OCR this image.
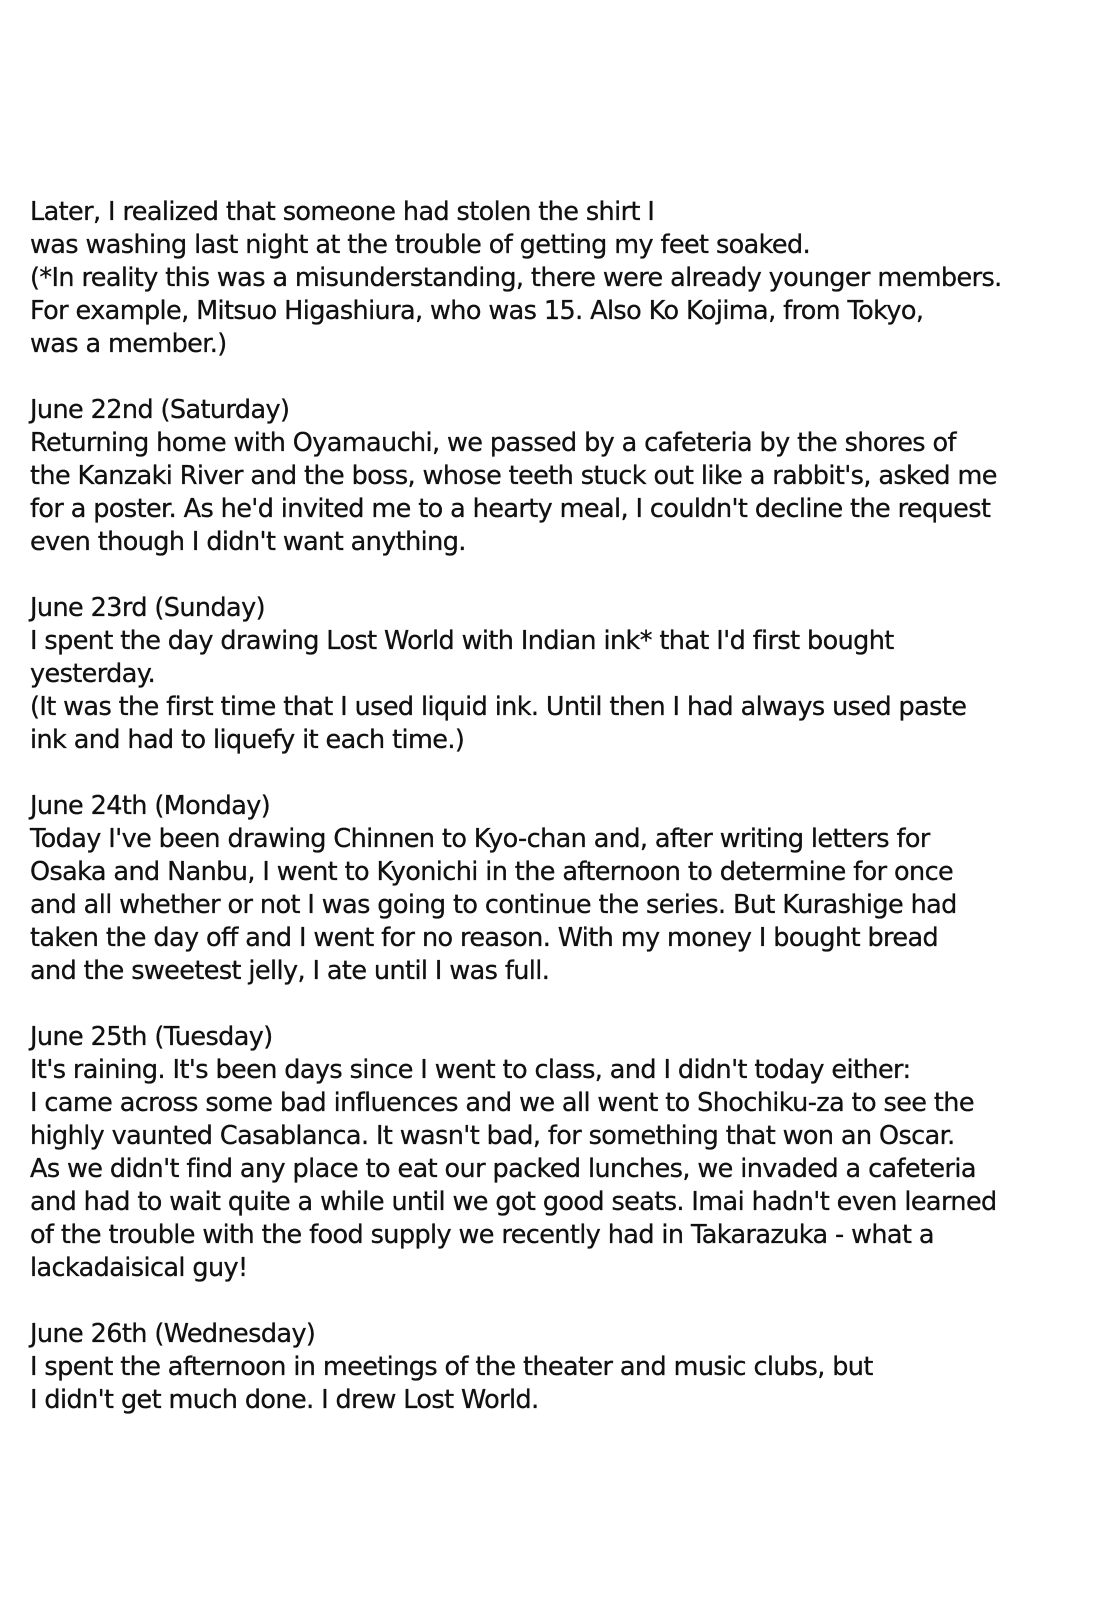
Later, I realized that someone had stolen the shirt I
was washing last night at the trouble of getting my feet soaked.
(*In reality this was a misunderstanding, there were already younger members.
For example, Mitsuo Higashiura, who was 15. Also Ko Kojima, from Tokyo,
was a member.)
June 22nd (Saturday)
Returning home with Oyamauchi, we passed by a cafeteria by the shores of
the Kanzaki River and the boss, whose teeth stuck out like a rabbit's, asked me
for a poster. As he'd invited me to a hearty meal, I couldn't decline the request
even though I didn't want anything.
June 23rd (Sunday)
I spent the day drawing Lost World with Indian ink* that I'd first bought
yesterday.
(It was the first time that I used liquid ink. Until then I had always used paste
ink and had to liquefy it each time.)
June 24th (Monday)
Today I've been drawing Chinnen to Kyo-chan and, after writing letters for
Osaka and Nanbu, I went to Kyonichi in the afternoon to determine for once
and all whether or not I was going to continue the series. But Kurashige had
taken the day off and I went for no reason. With my money I bought bread
and the sweetest jelly, I ate until I was full.
June 25th (Tuesday)
It's raining. It's been days since I went to class, and I didn't today either:
I came across some bad influences and we all went to Shochiku-za to see the
highly vaunted Casablanca. It wasn't bad, for something that won an Oscar.
As we didn't find any place to eat our packed lunches, we invaded a cafeteria
and had to wait quite a while until we got good seats. Imai hadn't even learned
of the trouble with the food supply we recently had in Takarazuka - what a
lackadaisical guy!
June 26th (Wednesday)
I spent the afternoon in meetings of the theater and music clubs, but
I didn't get much done. I drew Lost World.
